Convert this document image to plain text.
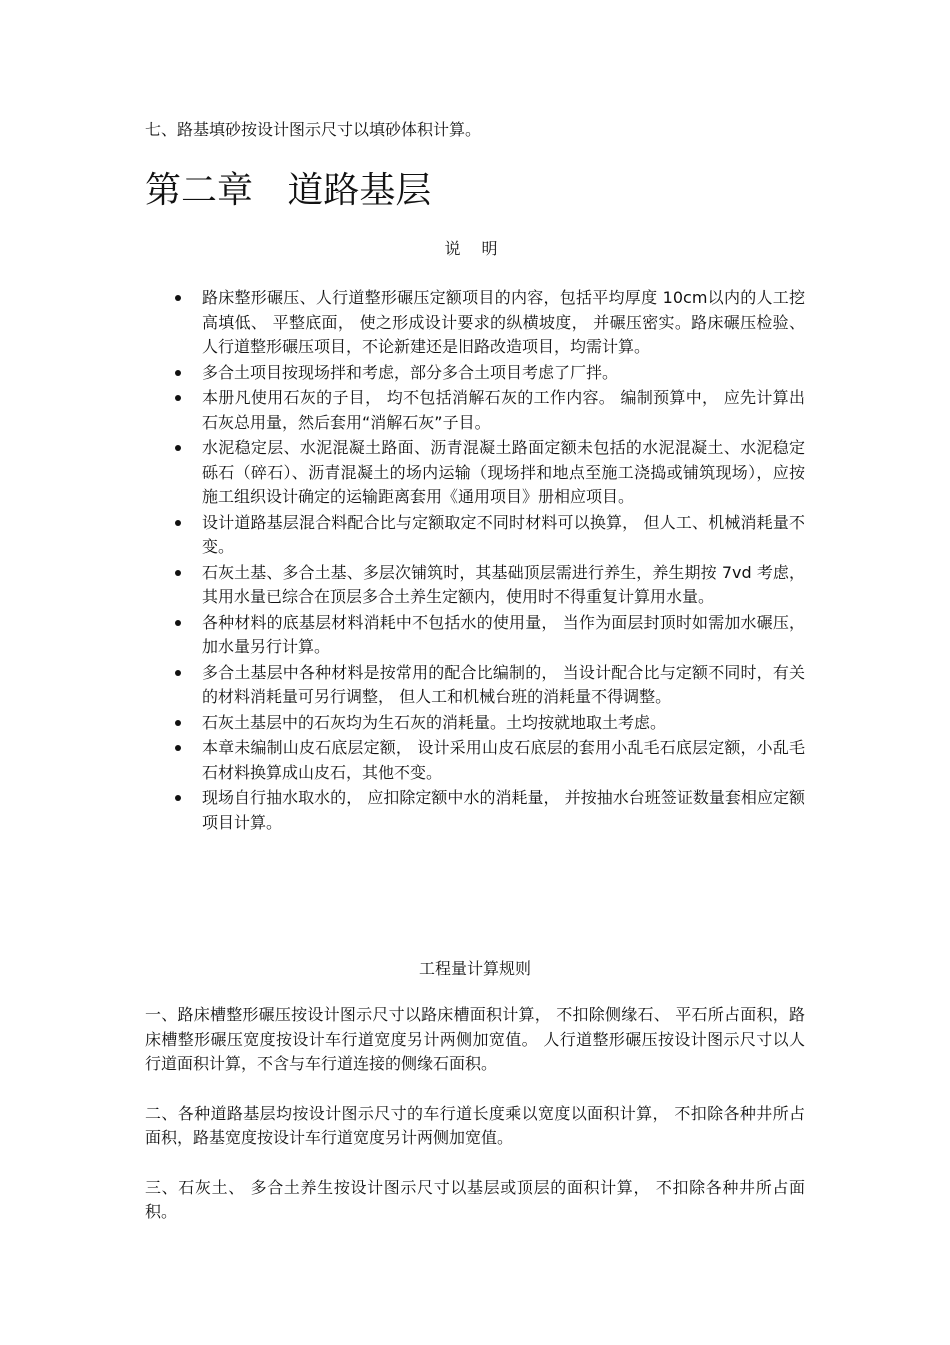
七、路基填砂按设计图示尺寸以填砂体积计算。

第二章   道路基层

说 明

路床整形碾压、人行道整形碾压定额项目的内容，包括平均厚度 10cm以内的人工挖高填低、 平整底面， 使之形成设计要求的纵横坡度， 并碾压密实。路床碾压检验、人行道整形碾压项目，不论新建还是旧路改造项目，均需计算。
多合土项目按现场拌和考虑，部分多合土项目考虑了厂拌。
本册凡使用石灰的子目， 均不包括消解石灰的工作内容。 编制预算中， 应先计算出石灰总用量，然后套用“消解石灰”子目。
水泥稳定层、水泥混凝土路面、沥青混凝土路面定额未包括的水泥混凝土、水泥稳定砾石（碎石）、沥青混凝土的场内运输（现场拌和地点至施工浇捣或铺筑现场），应按施工组织设计确定的运输距离套用《通用项目》册相应项目。
设计道路基层混合料配合比与定额取定不同时材料可以换算， 但人工、机械消耗量不变。
石灰土基、多合土基、多层次铺筑时，其基础顶层需进行养生，养生期按 7vd 考虑，其用水量已综合在顶层多合土养生定额内，使用时不得重复计算用水量。
各种材料的底基层材料消耗中不包括水的使用量， 当作为面层封顶时如需加水碾压，加水量另行计算。
多合土基层中各种材料是按常用的配合比编制的， 当设计配合比与定额不同时，有关的材料消耗量可另行调整， 但人工和机械台班的消耗量不得调整。
石灰土基层中的石灰均为生石灰的消耗量。土均按就地取土考虑。
本章未编制山皮石底层定额， 设计采用山皮石底层的套用小乱毛石底层定额，小乱毛石材料换算成山皮石，其他不变。
现场自行抽水取水的， 应扣除定额中水的消耗量， 并按抽水台班签证数量套相应定额项目计算。

工程量计算规则

一、路床槽整形碾压按设计图示尺寸以路床槽面积计算， 不扣除侧缘石、 平石所占面积，路床槽整形碾压宽度按设计车行道宽度另计两侧加宽值。 人行道整形碾压按设计图示尺寸以人行道面积计算，不含与车行道连接的侧缘石面积。

二、各种道路基层均按设计图示尺寸的车行道长度乘以宽度以面积计算， 不扣除各种井所占面积，路基宽度按设计车行道宽度另计两侧加宽值。

三、石灰土、 多合土养生按设计图示尺寸以基层或顶层的面积计算， 不扣除各种井所占面积。
